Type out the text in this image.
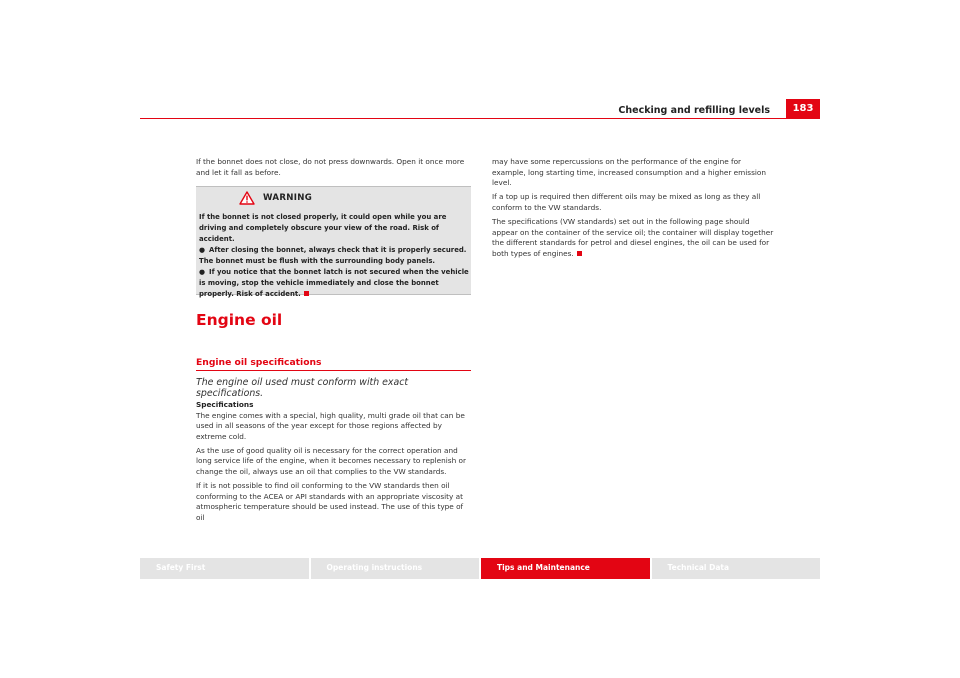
Checking and refilling levels	183

If the bonnet does not close, do not press downwards. Open it once more and let it fall as before.

WARNING
If the bonnet is not closed properly, it could open while you are driving and completely obscure your view of the road. Risk of accident.
● After closing the bonnet, always check that it is properly secured. The bonnet must be flush with the surrounding body panels.
● If you notice that the bonnet latch is not secured when the vehicle is moving, stop the vehicle immediately and close the bonnet properly. Risk of accident.
Engine oil
Engine oil specifications
The engine oil used must conform with exact specifications.
Specifications

The engine comes with a special, high quality, multi grade oil that can be used in all seasons of the year except for those regions affected by extreme cold.

As the use of good quality oil is necessary for the correct operation and long service life of the engine, when it becomes necessary to replenish or change the oil, always use an oil that complies to the VW standards.

If it is not possible to find oil conforming to the VW standards then oil conforming to the ACEA or API standards with an appropriate viscosity at atmospheric temperature should be used instead. The use of this type of oil

may have some repercussions on the performance of the engine for example, long starting time, increased consumption and a higher emission level.

If a top up is required then different oils may be mixed as long as they all conform to the VW standards.

The specifications (VW standards) set out in the following page should appear on the container of the service oil; the container will display together the different standards for petrol and diesel engines, the oil can be used for both types of engines.

Safety First	Operating instructions	Tips and Maintenance	Technical Data
